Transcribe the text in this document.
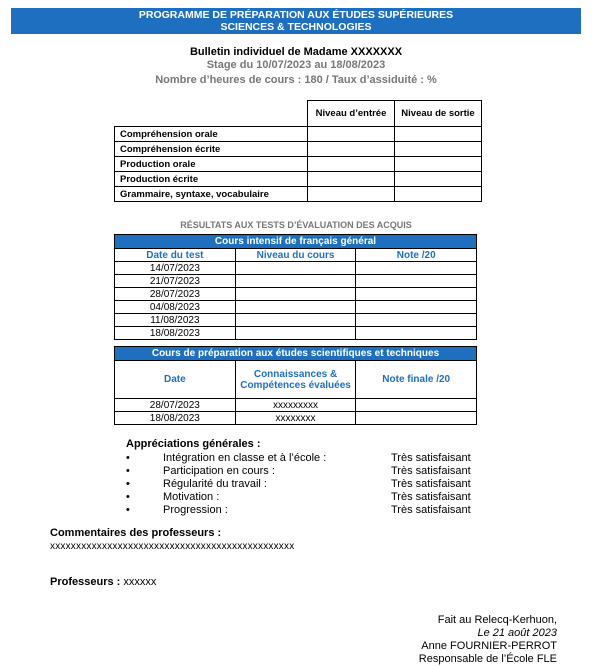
PROGRAMME DE PRÉPARATION AUX ÉTUDES SUPÉRIEURES
SCIENCES & TECHNOLOGIES
Bulletin individuel de Madame XXXXXXX
Stage du 10/07/2023 au 18/08/2023
Nombre d’heures de cours : 180 / Taux d’assiduité : %
	Niveau d’entrée	Niveau de sortie
Compréhension orale		
Compréhension écrite		
Production orale		
Production écrite		
Grammaire, syntaxe, vocabulaire		
RÉSULTATS AUX TESTS D’ÉVALUATION DES ACQUIS
Cours intensif de français général		
Date du test	Niveau du cours	Note /20
14/07/2023		
21/07/2023		
28/07/2023		
04/08/2023		
11/08/2023		
18/08/2023		
Cours de préparation aux études scientifiques et techniques		
Date	Connaissances & Compétences évaluées	Note finale /20
28/07/2023	xxxxxxxxx	
18/08/2023	xxxxxxxx	
Appréciations générales :
•	Intégration en classe et à l’école :	Très satisfaisant
•	Participation en cours :	Très satisfaisant
•	Régularité du travail :	Très satisfaisant
•	Motivation :	Très satisfaisant
•	Progression :	Très satisfaisant
Commentaires des professeurs :
xxxxxxxxxxxxxxxxxxxxxxxxxxxxxxxxxxxxxxxxxxxxxxx
Professeurs : xxxxxx
Fait au Relecq-Kerhuon,
Le 21 août 2023
Anne FOURNIER-PERROT
Responsable de l’École FLE
